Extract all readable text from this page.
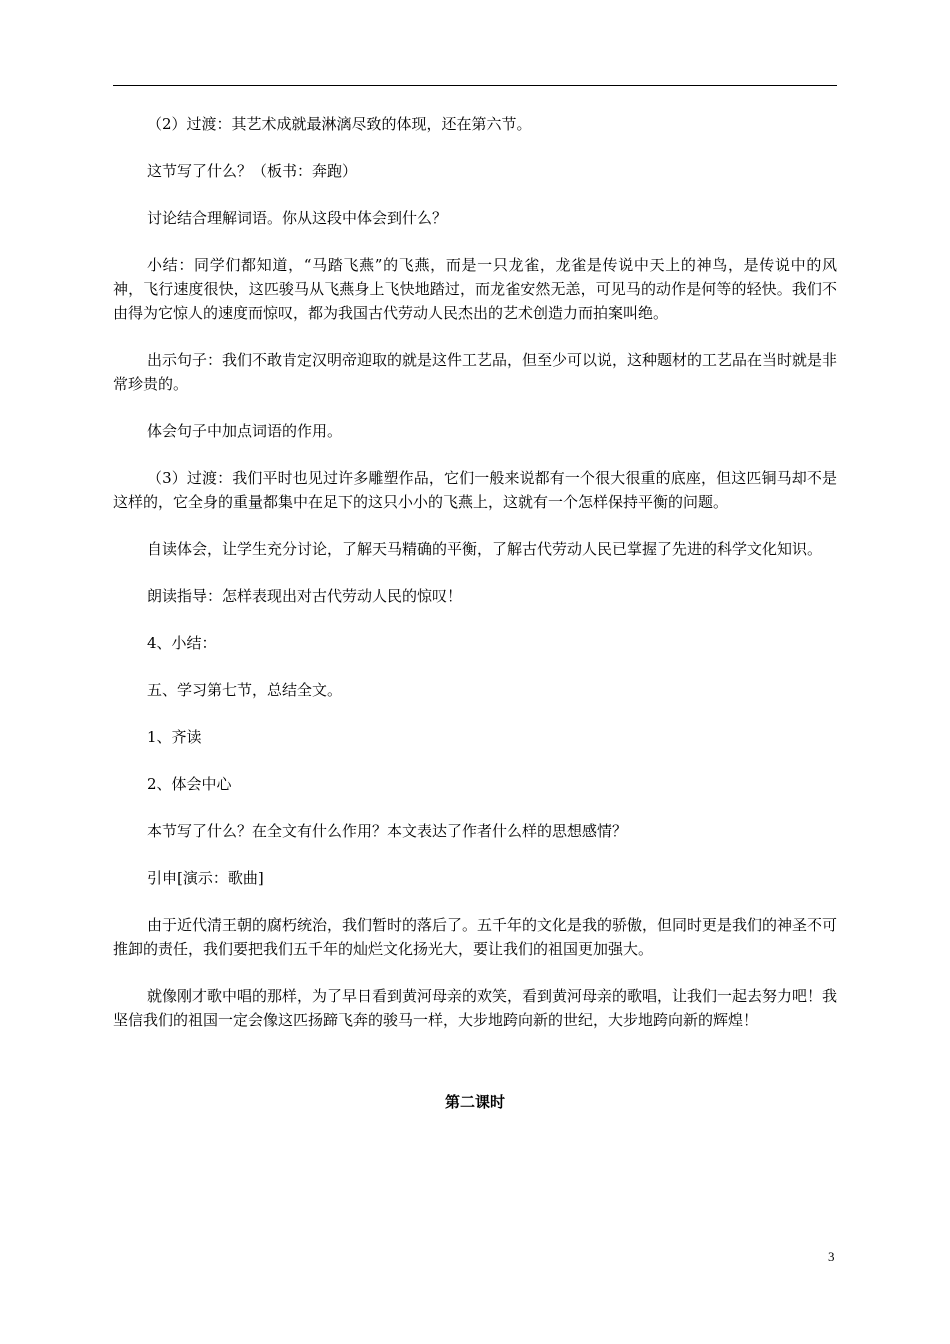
（2）过渡：其艺术成就最淋漓尽致的体现，还在第六节。

这节写了什么？（板书：奔跑）

讨论结合理解词语。你从这段中体会到什么？

小结：同学们都知道，“马踏飞燕”的飞燕，而是一只龙雀，龙雀是传说中天上的神鸟，是传说中的风神，飞行速度很快，这匹骏马从飞燕身上飞快地踏过，而龙雀安然无恙，可见马的动作是何等的轻快。我们不由得为它惊人的速度而惊叹，都为我国古代劳动人民杰出的艺术创造力而拍案叫绝。

出示句子：我们不敢肯定汉明帝迎取的就是这件工艺品，但至少可以说，这种题材的工艺品在当时就是非常珍贵的。

体会句子中加点词语的作用。

（3）过渡：我们平时也见过许多雕塑作品，它们一般来说都有一个很大很重的底座，但这匹铜马却不是这样的，它全身的重量都集中在足下的这只小小的飞燕上，这就有一个怎样保持平衡的问题。

自读体会，让学生充分讨论，了解天马精确的平衡，了解古代劳动人民已掌握了先进的科学文化知识。

朗读指导：怎样表现出对古代劳动人民的惊叹！

4、小结：

五、学习第七节，总结全文。

1、齐读

2、体会中心

本节写了什么？在全文有什么作用？本文表达了作者什么样的思想感情？

引申[演示：歌曲]

由于近代清王朝的腐朽统治，我们暂时的落后了。五千年的文化是我的骄傲，但同时更是我们的神圣不可推卸的责任，我们要把我们五千年的灿烂文化扬光大，要让我们的祖国更加强大。

就像刚才歌中唱的那样，为了早日看到黄河母亲的欢笑，看到黄河母亲的歌唱，让我们一起去努力吧！我坚信我们的祖国一定会像这匹扬蹄飞奔的骏马一样，大步地跨向新的世纪，大步地跨向新的辉煌！

第二课时
3
